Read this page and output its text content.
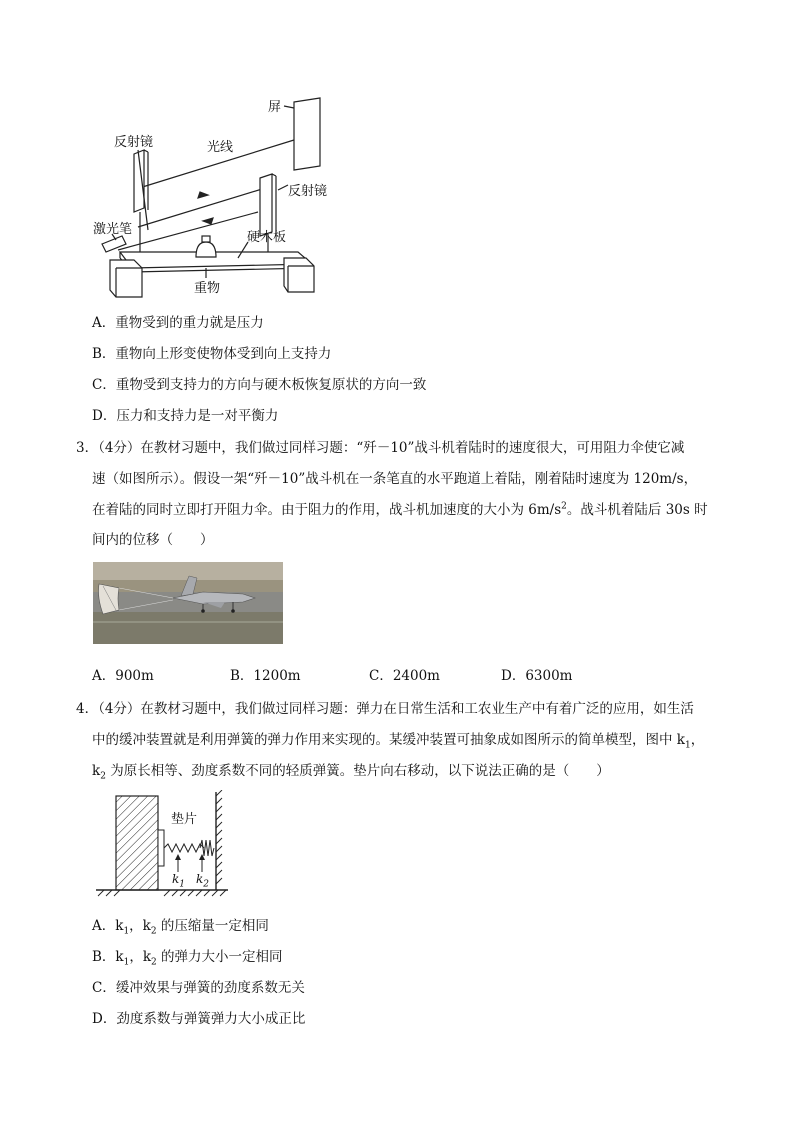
屏
光线
反射镜
反射镜
激光笔
硬木板
重物
A．重物受到的重力就是压力
B．重物向上形变使物体受到向上支持力
C．重物受到支持力的方向与硬木板恢复原状的方向一致
D．压力和支持力是一对平衡力
3．（4分）在教材习题中，我们做过同样习题：“歼－10”战斗机着陆时的速度很大，可用阻力伞使它减
速（如图所示）。假设一架“歼－10”战斗机在一条笔直的水平跑道上着陆，刚着陆时速度为 120m/s，
在着陆的同时立即打开阻力伞。由于阻力的作用，战斗机加速度的大小为 $6m/s^2$。战斗机着陆后 30s 时
间内的位移（　　）
A．900m	B．1200m	C．2400m	D．6300m
4．（4分）在教材习题中，我们做过同样习题：弹力在日常生活和工农业生产中有着广泛的应用，如生活
中的缓冲装置就是利用弹簧的弹力作用来实现的。某缓冲装置可抽象成如图所示的简单模型，图中 $k_1$，
$k_2$ 为原长相等、劲度系数不同的轻质弹簧。垫片向右移动，以下说法正确的是（　　）
垫片
$k_1$ $k_2$
A．$k_1$，$k_2$ 的压缩量一定相同
B．$k_1$，$k_2$ 的弹力大小一定相同
C．缓冲效果与弹簧的劲度系数无关
D．劲度系数与弹簧弹力大小成正比
